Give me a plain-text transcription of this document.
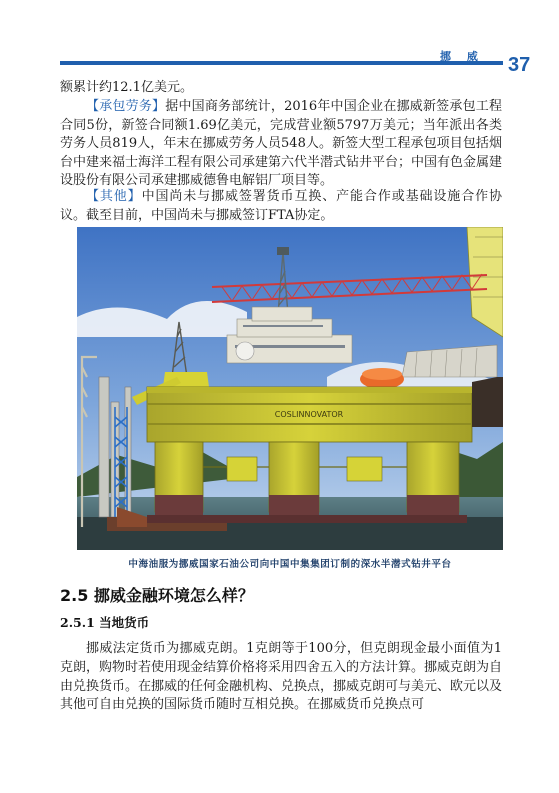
挪 威 37

额累计约12.1亿美元。

【承包劳务】据中国商务部统计，2016年中国企业在挪威新签承包工程合同5份，新签合同额1.69亿美元，完成营业额5797万美元；当年派出各类劳务人员819人，年末在挪威劳务人员548人。新签大型工程承包项目包括烟台中建来福士海洋工程有限公司承建第六代半潜式钻井平台；中国有色金属建设股份有限公司承建挪威德鲁电解铝厂项目等。

【其他】中国尚未与挪威签署货币互换、产能合作或基础设施合作协议。截至目前，中国尚未与挪威签订FTA协定。

COSLINNOVATOR
中海油服为挪威国家石油公司向中国中集集团订制的深水半潜式钻井平台
2.5 挪威金融环境怎么样？
2.5.1 当地货币

挪威法定货币为挪威克朗。1克朗等于100分，但克朗现金最小面值为1克朗，购物时若使用现金结算价格将采用四舍五入的方法计算。挪威克朗为自由兑换货币。在挪威的任何金融机构、兑换点，挪威克朗可与美元、欧元以及其他可自由兑换的国际货币随时互相兑换。在挪威货币兑换点可
